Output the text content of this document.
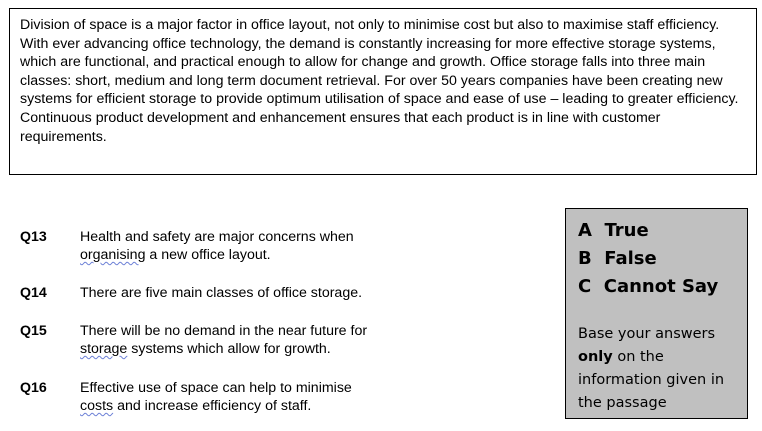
Division of space is a major factor in office layout, not only to minimise cost but also to maximise staff efficiency. With ever advancing office technology, the demand is constantly increasing for more effective storage systems, which are functional, and practical enough to allow for change and growth. Office storage falls into three main classes: short, medium and long term document retrieval. For over 50 years companies have been creating new systems for efficient storage to provide optimum utilisation of space and ease of use – leading to greater efficiency. Continuous product development and enhancement ensures that each product is in line with customer requirements.

Q13 Health and safety are major concerns when
organising a new office layout.
Q14 There are five main classes of office storage.
Q15 There will be no demand in the near future for
storage systems which allow for growth.
Q16 Effective use of space can help to minimise
costs and increase efficiency of staff.
A  True
B  False
C  Cannot Say
Base your answers only on the information given in the passage
